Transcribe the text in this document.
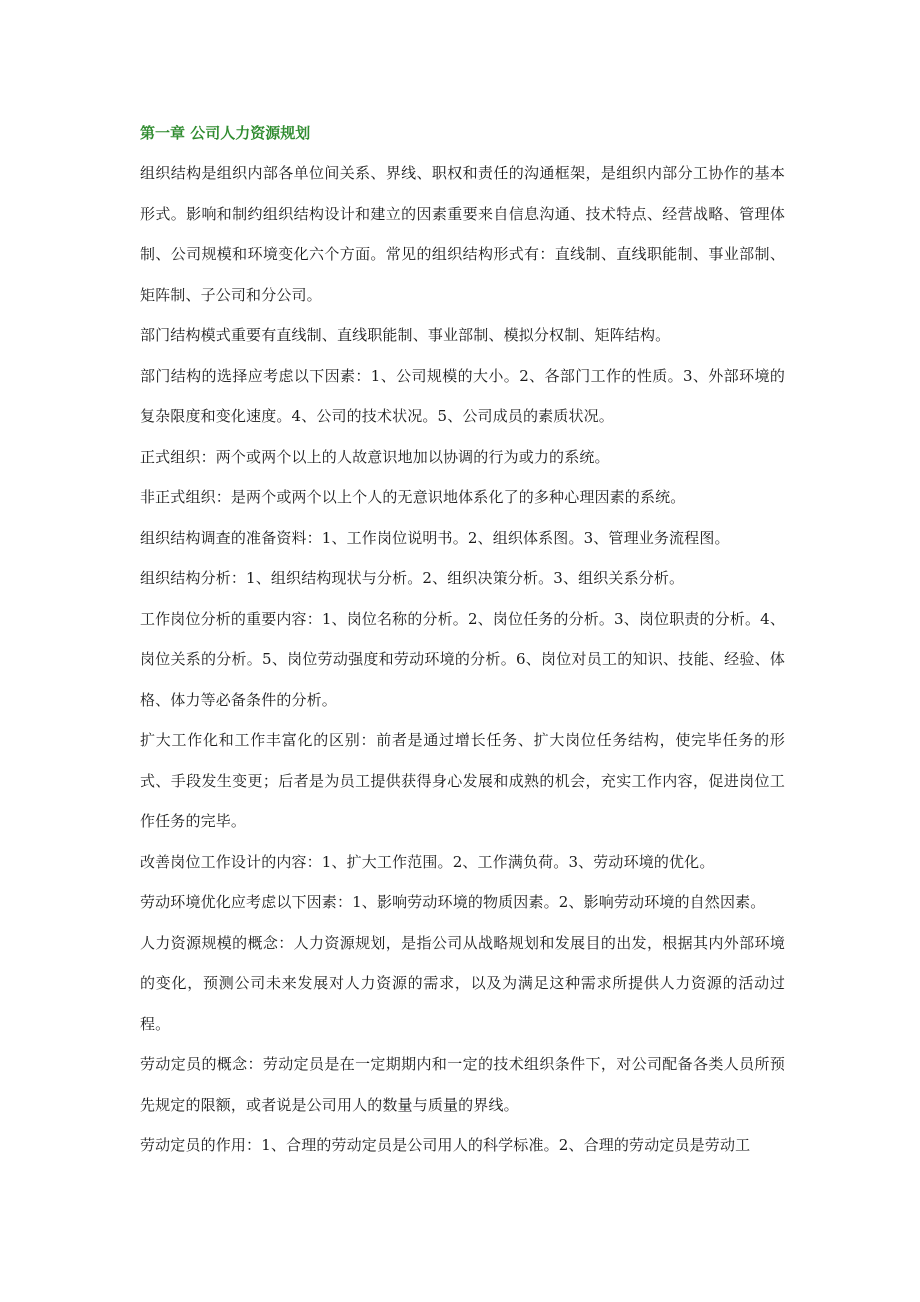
第一章 公司人力资源规划

组织结构是组织内部各单位间关系、界线、职权和责任的沟通框架，是组织内部分工协作的基本形式。影响和制约组织结构设计和建立的因素重要来自信息沟通、技术特点、经营战略、管理体制、公司规模和环境变化六个方面。常见的组织结构形式有：直线制、直线职能制、事业部制、矩阵制、子公司和分公司。

部门结构模式重要有直线制、直线职能制、事业部制、模拟分权制、矩阵结构。

部门结构的选择应考虑以下因素：1、公司规模的大小。2、各部门工作的性质。3、外部环境的复杂限度和变化速度。4、公司的技术状况。5、公司成员的素质状况。

正式组织：两个或两个以上的人故意识地加以协调的行为或力的系统。

非正式组织：是两个或两个以上个人的无意识地体系化了的多种心理因素的系统。

组织结构调查的准备资料：1、工作岗位说明书。2、组织体系图。3、管理业务流程图。

组织结构分析：1、组织结构现状与分析。2、组织决策分析。3、组织关系分析。

工作岗位分析的重要内容：1、岗位名称的分析。2、岗位任务的分析。3、岗位职责的分析。4、岗位关系的分析。5、岗位劳动强度和劳动环境的分析。6、岗位对员工的知识、技能、经验、体格、体力等必备条件的分析。

扩大工作化和工作丰富化的区别：前者是通过增长任务、扩大岗位任务结构，使完毕任务的形式、手段发生变更；后者是为员工提供获得身心发展和成熟的机会，充实工作内容，促进岗位工作任务的完毕。

改善岗位工作设计的内容：1、扩大工作范围。2、工作满负荷。3、劳动环境的优化。

劳动环境优化应考虑以下因素：1、影响劳动环境的物质因素。2、影响劳动环境的自然因素。

人力资源规模的概念：人力资源规划，是指公司从战略规划和发展目的出发，根据其内外部环境的变化，预测公司未来发展对人力资源的需求，以及为满足这种需求所提供人力资源的活动过程。

劳动定员的概念：劳动定员是在一定期期内和一定的技术组织条件下，对公司配备各类人员所预先规定的限额，或者说是公司用人的数量与质量的界线。

劳动定员的作用：1、合理的劳动定员是公司用人的科学标准。2、合理的劳动定员是劳动工
